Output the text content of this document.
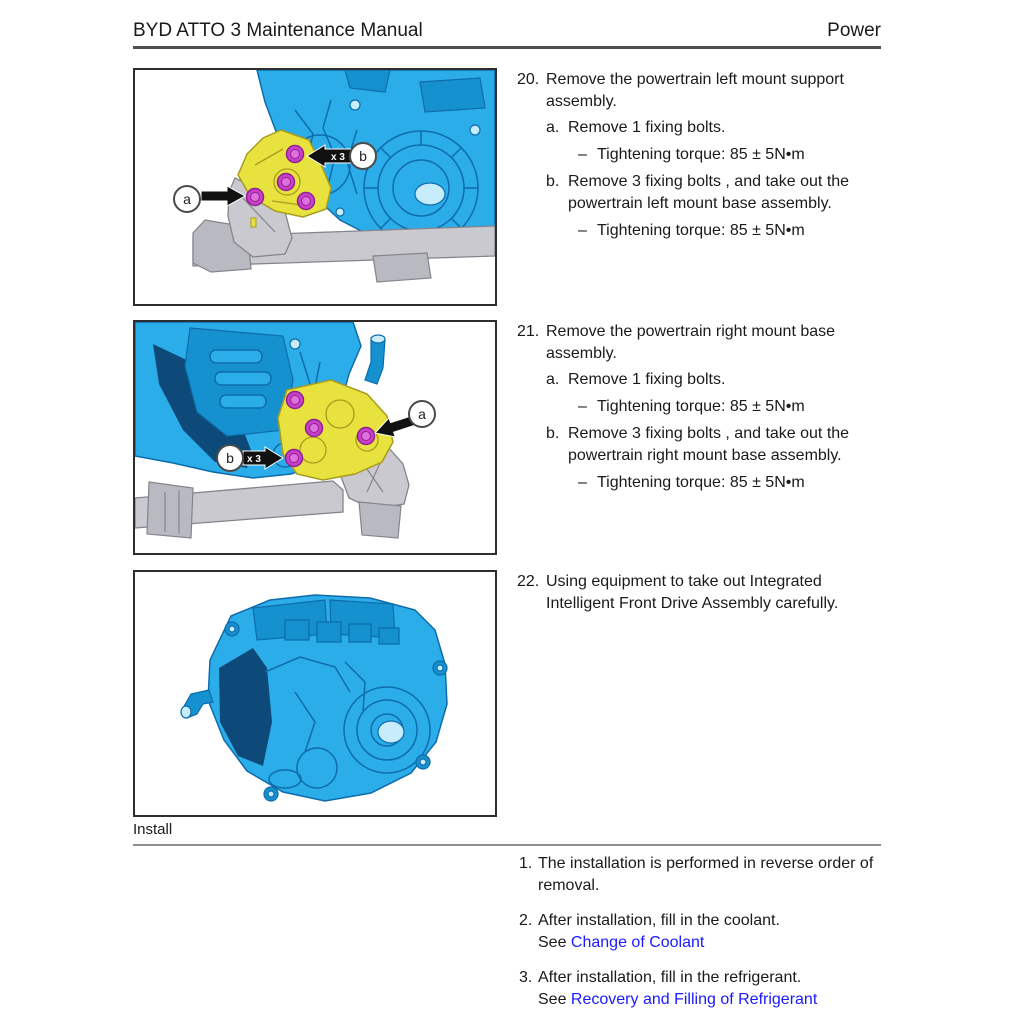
BYD ATTO 3 Maintenance Manual	Power
a
x 3 b
a
x 3
b
20. Remove the powertrain left mount support assembly.
a. Remove 1 fixing bolts.
– Tightening torque: 85 ± 5N•m
b. Remove 3 fixing bolts , and take out the powertrain left mount base assembly.
– Tightening torque: 85 ± 5N•m
21. Remove the powertrain right mount base assembly.
a. Remove 1 fixing bolts.
– Tightening torque: 85 ± 5N•m
b. Remove 3 fixing bolts , and take out the powertrain right mount base assembly.
– Tightening torque: 85 ± 5N•m
22. Using equipment to take out Integrated Intelligent Front Drive Assembly carefully.
Install
1. The installation is performed in reverse order of removal.
2. After installation, fill in the coolant.
See Change of Coolant
3. After installation, fill in the refrigerant.
See Recovery and Filling of Refrigerant
